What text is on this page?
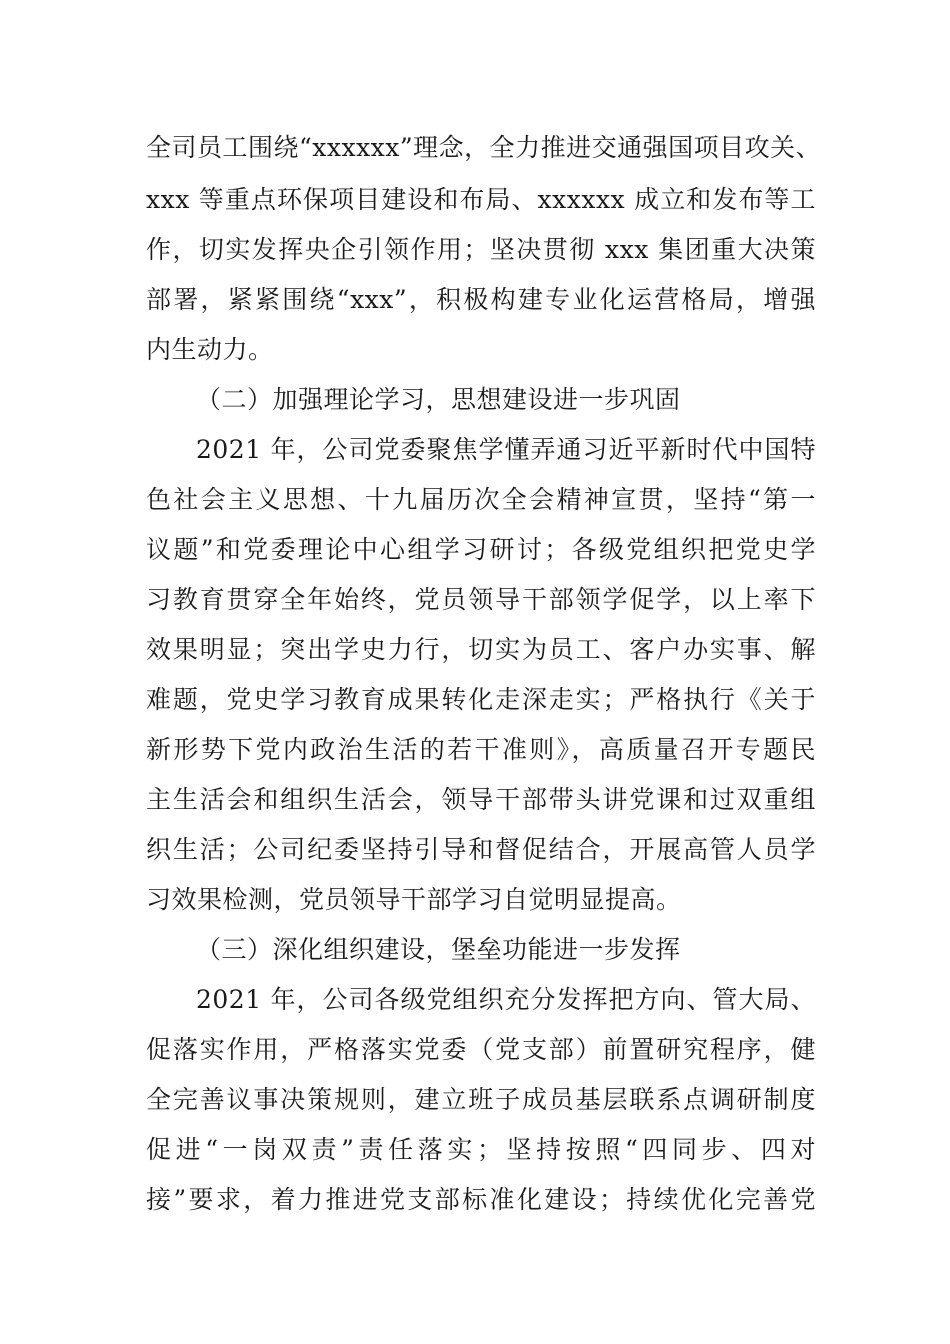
全司员工围绕“xxxxxx”理念，全力推进交通强国项目攻关、
xxx 等重点环保项目建设和布局、xxxxxx 成立和发布等工
作，切实发挥央企引领作用；坚决贯彻 xxx 集团重大决策
部署，紧紧围绕“xxx”，积极构建专业化运营格局，增强
内生动力。
（二）加强理论学习，思想建设进一步巩固
2021 年，公司党委聚焦学懂弄通习近平新时代中国特
色社会主义思想、十九届历次全会精神宣贯，坚持“第一
议题”和党委理论中心组学习研讨；各级党组织把党史学
习教育贯穿全年始终，党员领导干部领学促学，以上率下
效果明显；突出学史力行，切实为员工、客户办实事、解
难题，党史学习教育成果转化走深走实；严格执行《关于
新形势下党内政治生活的若干准则》，高质量召开专题民
主生活会和组织生活会，领导干部带头讲党课和过双重组
织生活；公司纪委坚持引导和督促结合，开展高管人员学
习效果检测，党员领导干部学习自觉明显提高。
（三）深化组织建设，堡垒功能进一步发挥
2021 年，公司各级党组织充分发挥把方向、管大局、
促落实作用，严格落实党委（党支部）前置研究程序，健
全完善议事决策规则，建立班子成员基层联系点调研制度
促进“一岗双责”责任落实；坚持按照“四同步、四对
接”要求，着力推进党支部标准化建设；持续优化完善党
